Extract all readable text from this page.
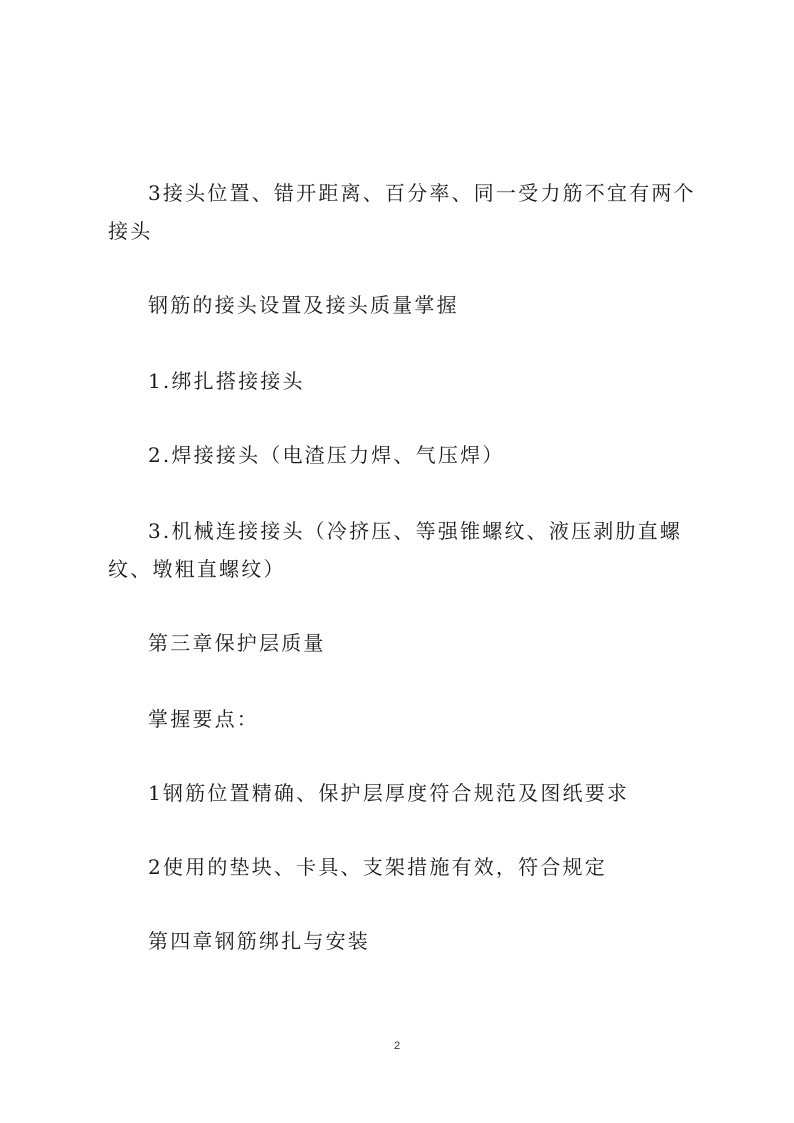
3接头位置、错开距离、百分率、同一受力筋不宜有两个接头

钢筋的接头设置及接头质量掌握

1.绑扎搭接接头

2.焊接接头（电渣压力焊、气压焊）

3.机械连接接头（冷挤压、等强锥螺纹、液压剥肋直螺纹、墩粗直螺纹）

第三章保护层质量

掌握要点：

1钢筋位置精确、保护层厚度符合规范及图纸要求

2使用的垫块、卡具、支架措施有效，符合规定

第四章钢筋绑扎与安装

2
